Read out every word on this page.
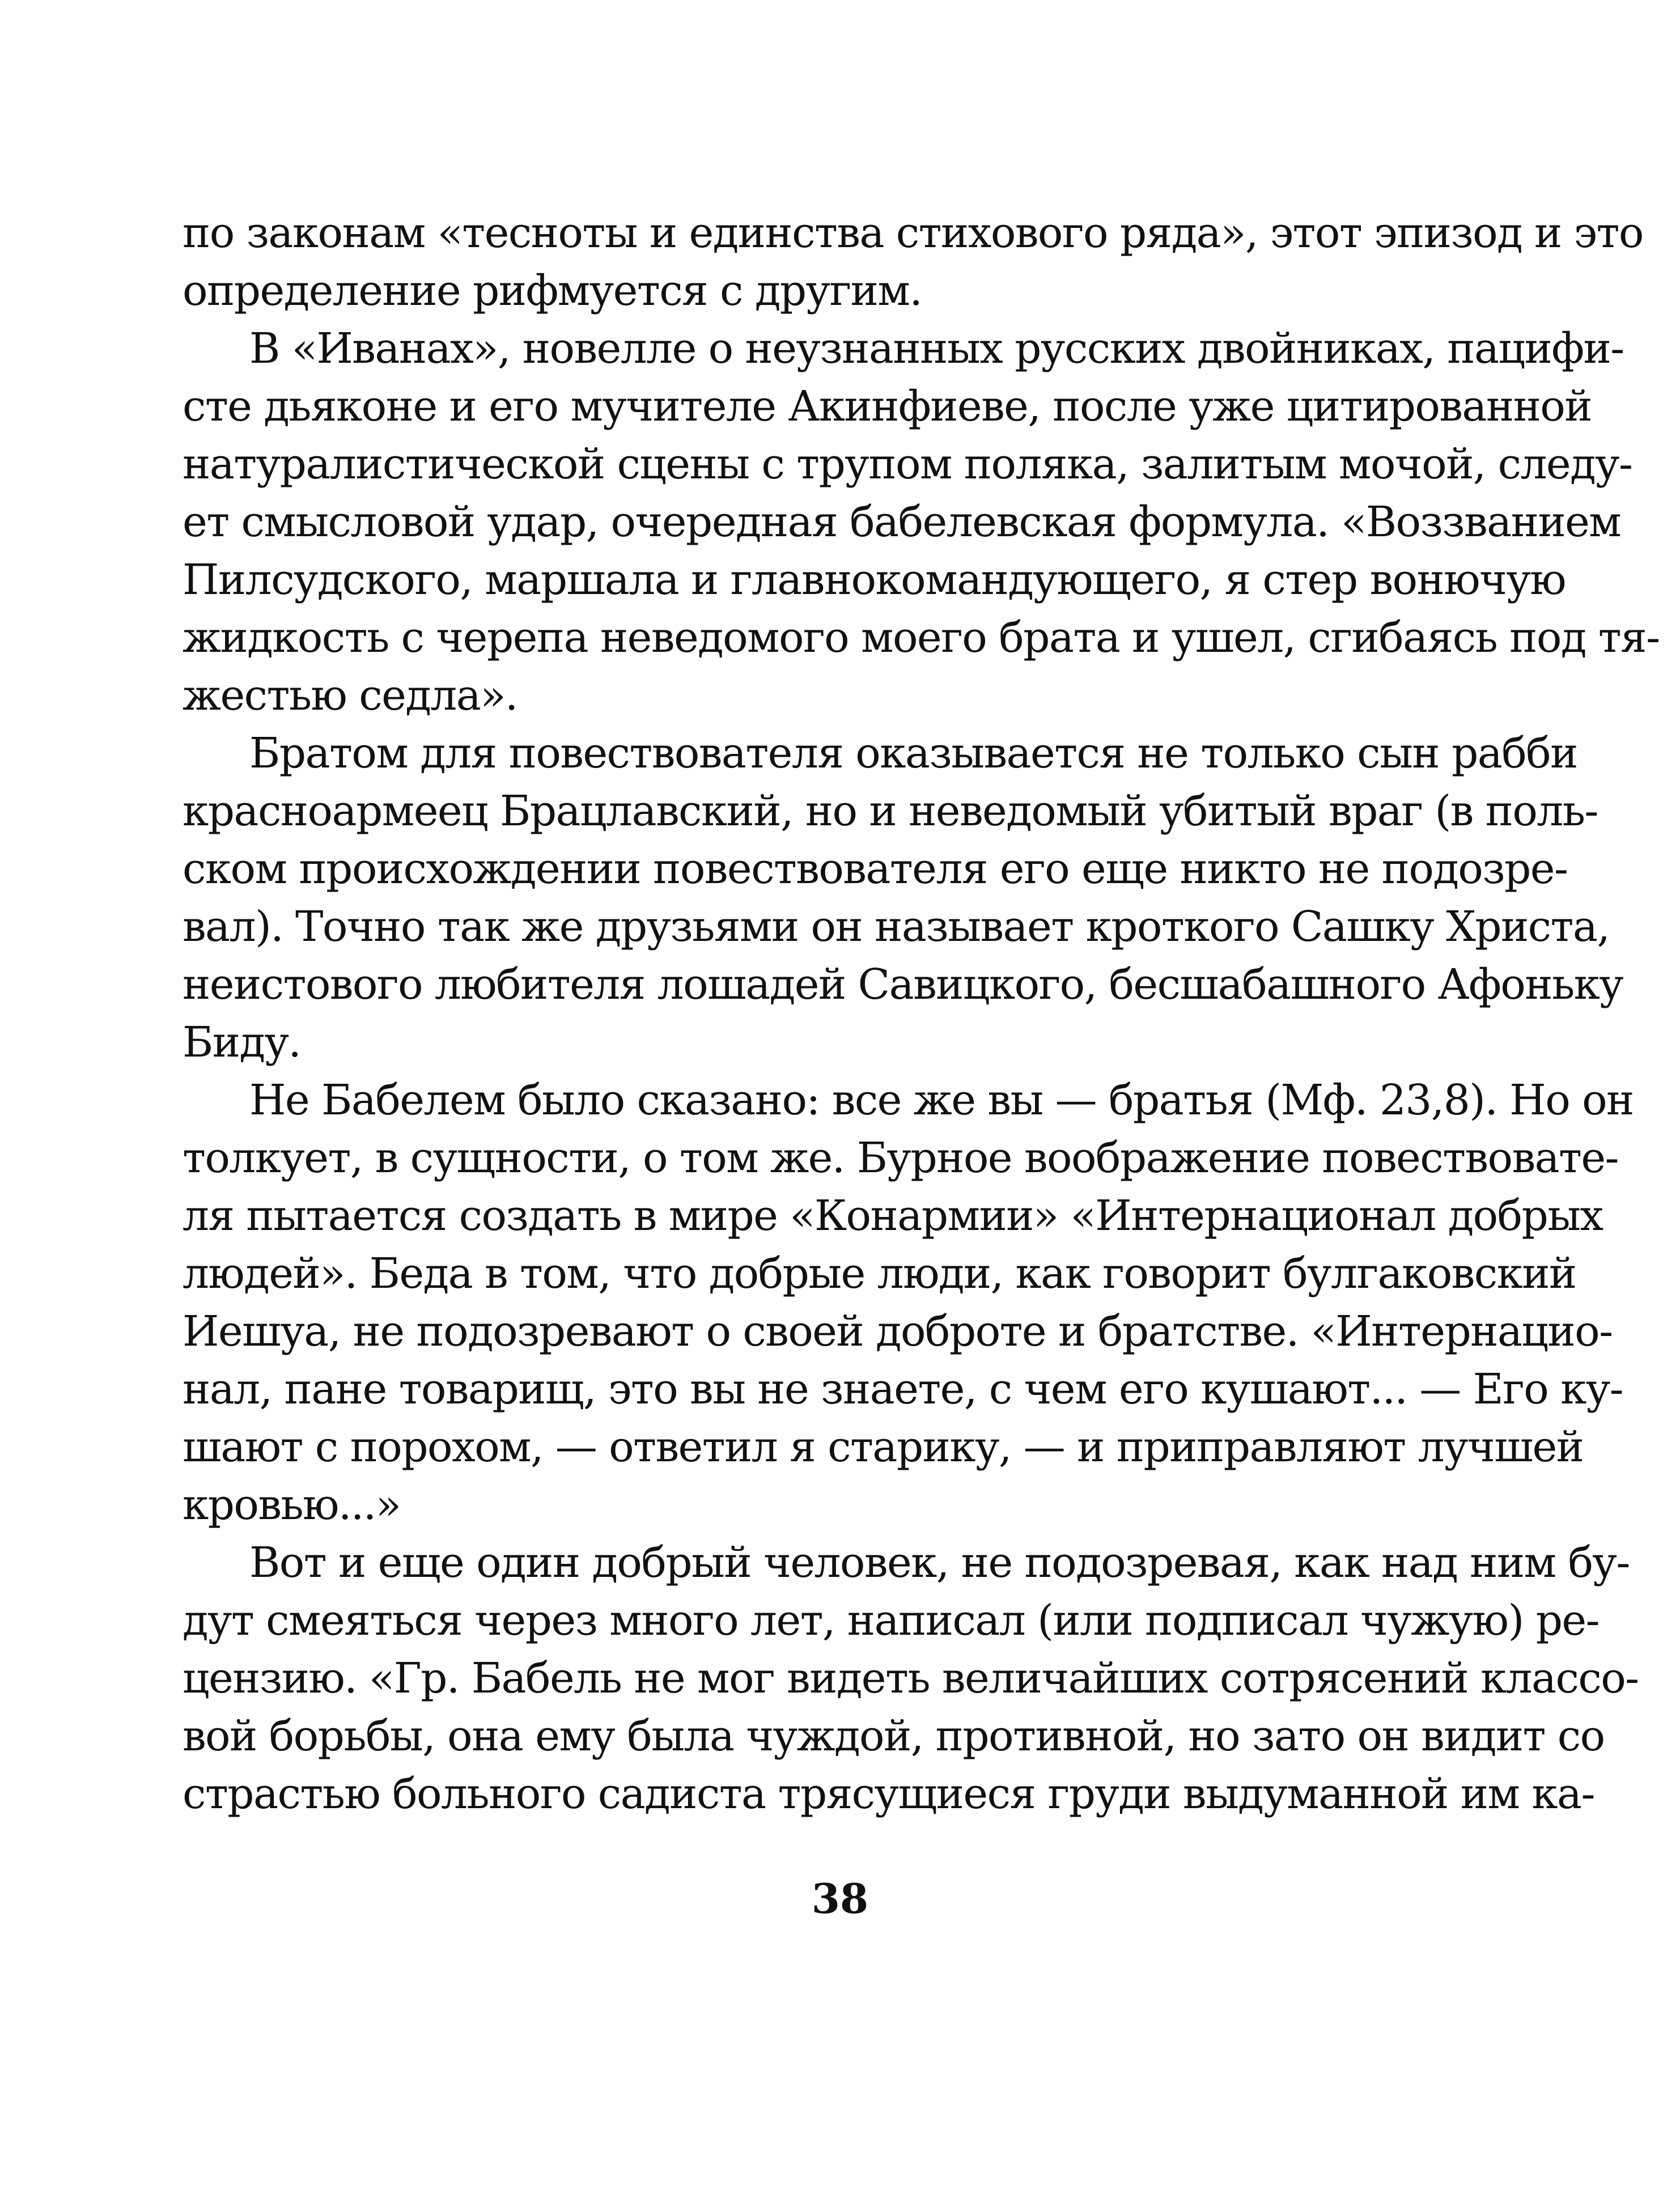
по законам «тесноты и единства стихового ряда», этот эпизод и это
определение рифмуется с другим.
В «Иванах», новелле о неузнанных русских двойниках, пацифи-
сте дьяконе и его мучителе Акинфиеве, после уже цитированной
натуралистической сцены с трупом поляка, залитым мочой, следу-
ет смысловой удар, очередная бабелевская формула. «Воззванием
Пилсудского, маршала и главнокомандующего, я стер вонючую
жидкость с черепа неведомого моего брата и ушел, сгибаясь под тя-
жестью седла».
Братом для повествователя оказывается не только сын рабби
красноармеец Брацлавский, но и неведомый убитый враг (в поль-
ском происхождении повествователя его еще никто не подозре-
вал). Точно так же друзьями он называет кроткого Сашку Христа,
неистового любителя лошадей Савицкого, бесшабашного Афоньку
Биду.
Не Бабелем было сказано: все же вы — братья (Мф. 23,8). Но он
толкует, в сущности, о том же. Бурное воображение повествовате-
ля пытается создать в мире «Конармии» «Интернационал добрых
людей». Беда в том, что добрые люди, как говорит булгаковский
Иешуа, не подозревают о своей доброте и братстве. «Интернацио-
нал, пане товарищ, это вы не знаете, с чем его кушают... — Его ку-
шают с порохом, — ответил я старику, — и приправляют лучшей
кровью...»
Вот и еще один добрый человек, не подозревая, как над ним бу-
дут смеяться через много лет, написал (или подписал чужую) ре-
цензию. «Гр. Бабель не мог видеть величайших сотрясений классо-
вой борьбы, она ему была чуждой, противной, но зато он видит со
страстью больного садиста трясущиеся груди выдуманной им ка-
38
